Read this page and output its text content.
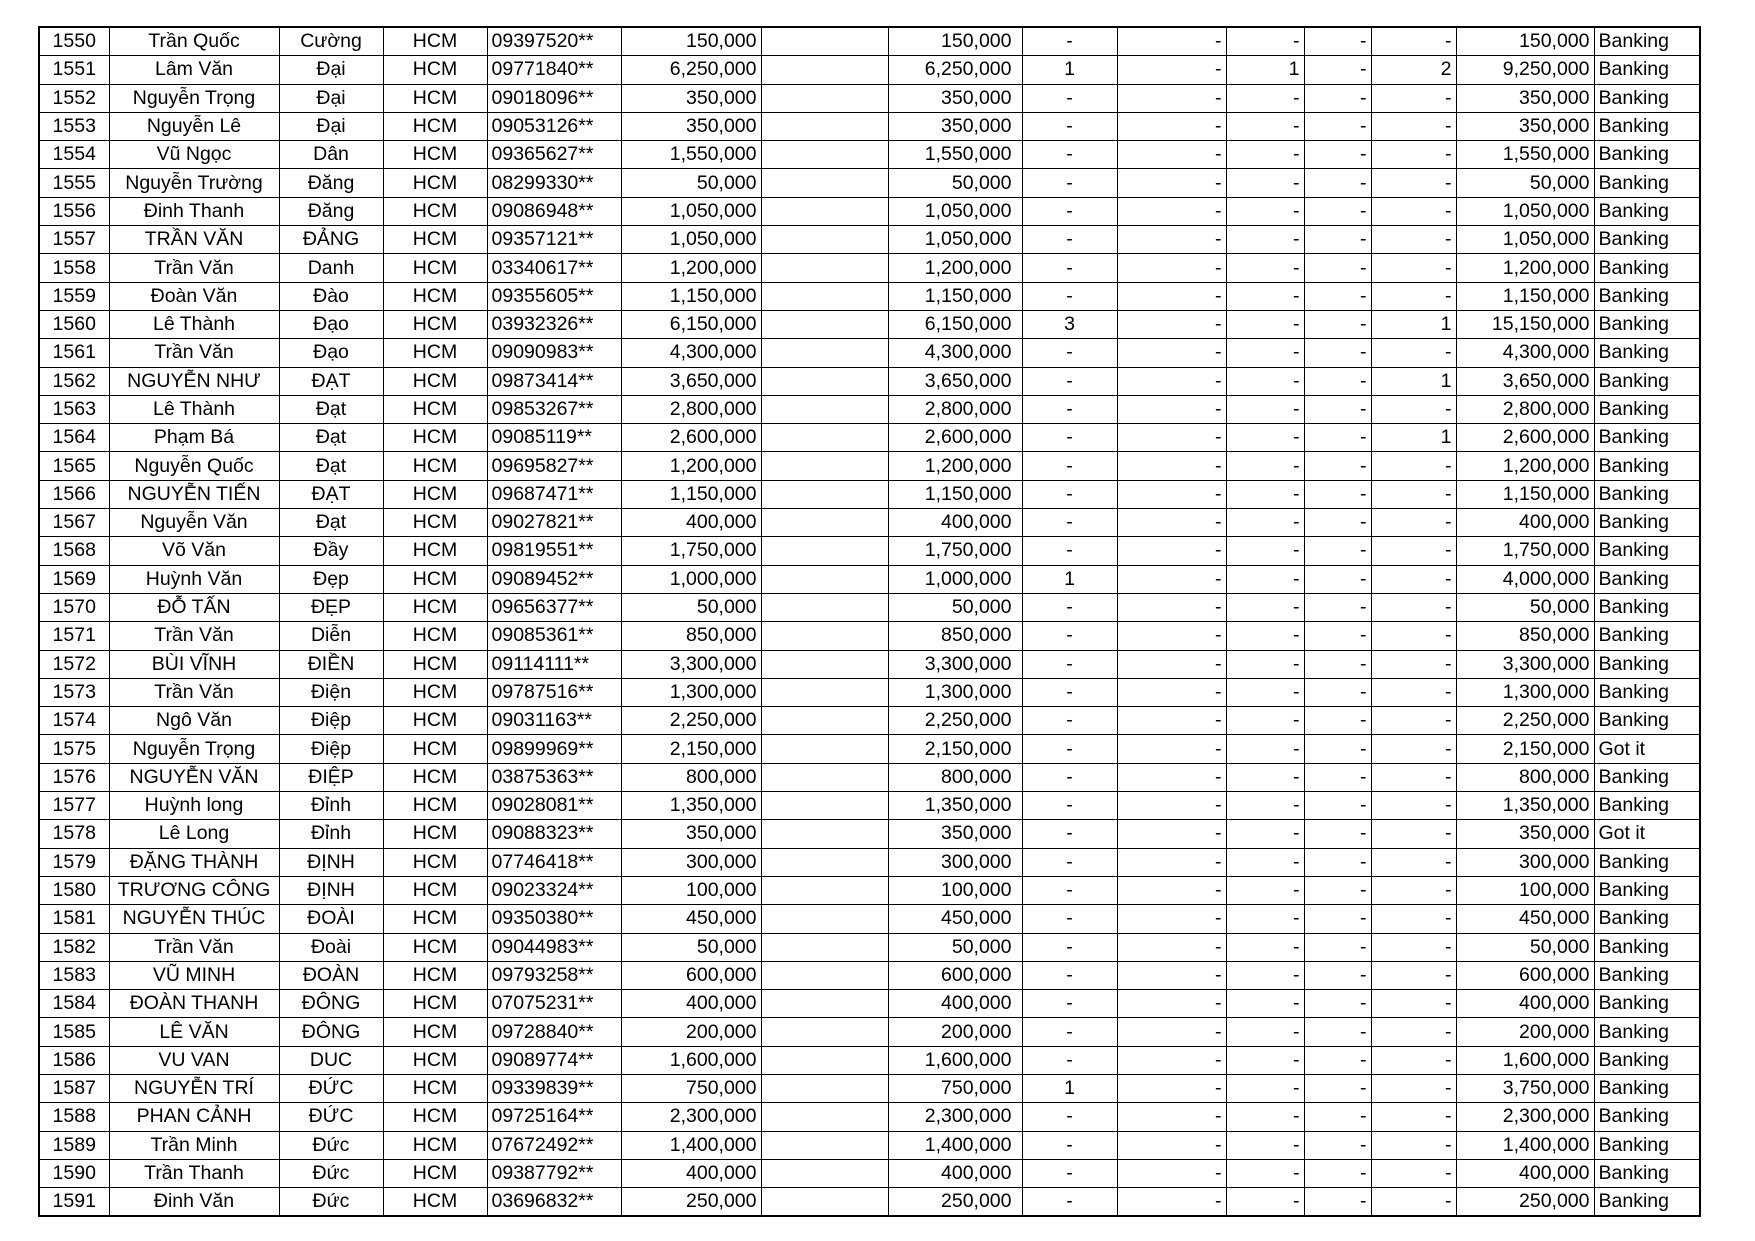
1550	Trần Quốc	Cường	HCM	09397520**	150,000		150,000	-	-	-	-	-	150,000	Banking
1551	Lâm Văn	Đại	HCM	09771840**	6,250,000		6,250,000	1	-	1	-	2	9,250,000	Banking
1552	Nguyễn Trọng	Đại	HCM	09018096**	350,000		350,000	-	-	-	-	-	350,000	Banking
1553	Nguyễn Lê	Đại	HCM	09053126**	350,000		350,000	-	-	-	-	-	350,000	Banking
1554	Vũ Ngọc	Dân	HCM	09365627**	1,550,000		1,550,000	-	-	-	-	-	1,550,000	Banking
1555	Nguyễn Trường	Đăng	HCM	08299330**	50,000		50,000	-	-	-	-	-	50,000	Banking
1556	Đinh Thanh	Đăng	HCM	09086948**	1,050,000		1,050,000	-	-	-	-	-	1,050,000	Banking
1557	TRẦN VĂN	ĐẢNG	HCM	09357121**	1,050,000		1,050,000	-	-	-	-	-	1,050,000	Banking
1558	Trần Văn	Danh	HCM	03340617**	1,200,000		1,200,000	-	-	-	-	-	1,200,000	Banking
1559	Đoàn Văn	Đào	HCM	09355605**	1,150,000		1,150,000	-	-	-	-	-	1,150,000	Banking
1560	Lê Thành	Đạo	HCM	03932326**	6,150,000		6,150,000	3	-	-	-	1	15,150,000	Banking
1561	Trần Văn	Đạo	HCM	09090983**	4,300,000		4,300,000	-	-	-	-	-	4,300,000	Banking
1562	NGUYỄN NHƯ	ĐẠT	HCM	09873414**	3,650,000		3,650,000	-	-	-	-	1	3,650,000	Banking
1563	Lê Thành	Đạt	HCM	09853267**	2,800,000		2,800,000	-	-	-	-	-	2,800,000	Banking
1564	Phạm Bá	Đạt	HCM	09085119**	2,600,000		2,600,000	-	-	-	-	1	2,600,000	Banking
1565	Nguyễn Quốc	Đạt	HCM	09695827**	1,200,000		1,200,000	-	-	-	-	-	1,200,000	Banking
1566	NGUYỄN TIẾN	ĐẠT	HCM	09687471**	1,150,000		1,150,000	-	-	-	-	-	1,150,000	Banking
1567	Nguyễn Văn	Đạt	HCM	09027821**	400,000		400,000	-	-	-	-	-	400,000	Banking
1568	Võ Văn	Đầy	HCM	09819551**	1,750,000		1,750,000	-	-	-	-	-	1,750,000	Banking
1569	Huỳnh Văn	Đẹp	HCM	09089452**	1,000,000		1,000,000	1	-	-	-	-	4,000,000	Banking
1570	ĐỖ TẤN	ĐẸP	HCM	09656377**	50,000		50,000	-	-	-	-	-	50,000	Banking
1571	Trần Văn	Diễn	HCM	09085361**	850,000		850,000	-	-	-	-	-	850,000	Banking
1572	BÙI VĨNH	ĐIỀN	HCM	09114111**	3,300,000		3,300,000	-	-	-	-	-	3,300,000	Banking
1573	Trần Văn	Điện	HCM	09787516**	1,300,000		1,300,000	-	-	-	-	-	1,300,000	Banking
1574	Ngô Văn	Điệp	HCM	09031163**	2,250,000		2,250,000	-	-	-	-	-	2,250,000	Banking
1575	Nguyễn Trọng	Điệp	HCM	09899969**	2,150,000		2,150,000	-	-	-	-	-	2,150,000	Got it
1576	NGUYỄN VĂN	ĐIỆP	HCM	03875363**	800,000		800,000	-	-	-	-	-	800,000	Banking
1577	Huỳnh long	Đỉnh	HCM	09028081**	1,350,000		1,350,000	-	-	-	-	-	1,350,000	Banking
1578	Lê Long	Đỉnh	HCM	09088323**	350,000		350,000	-	-	-	-	-	350,000	Got it
1579	ĐẶNG THÀNH	ĐỊNH	HCM	07746418**	300,000		300,000	-	-	-	-	-	300,000	Banking
1580	TRƯƠNG CÔNG	ĐỊNH	HCM	09023324**	100,000		100,000	-	-	-	-	-	100,000	Banking
1581	NGUYỄN THÚC	ĐOÀI	HCM	09350380**	450,000		450,000	-	-	-	-	-	450,000	Banking
1582	Trần Văn	Đoài	HCM	09044983**	50,000		50,000	-	-	-	-	-	50,000	Banking
1583	VŨ MINH	ĐOÀN	HCM	09793258**	600,000		600,000	-	-	-	-	-	600,000	Banking
1584	ĐOÀN THANH	ĐÔNG	HCM	07075231**	400,000		400,000	-	-	-	-	-	400,000	Banking
1585	LÊ VĂN	ĐÔNG	HCM	09728840**	200,000		200,000	-	-	-	-	-	200,000	Banking
1586	VU VAN	DUC	HCM	09089774**	1,600,000		1,600,000	-	-	-	-	-	1,600,000	Banking
1587	NGUYỄN TRÍ	ĐỨC	HCM	09339839**	750,000		750,000	1	-	-	-	-	3,750,000	Banking
1588	PHAN CẢNH	ĐỨC	HCM	09725164**	2,300,000		2,300,000	-	-	-	-	-	2,300,000	Banking
1589	Trần Minh	Đức	HCM	07672492**	1,400,000		1,400,000	-	-	-	-	-	1,400,000	Banking
1590	Trần Thanh	Đức	HCM	09387792**	400,000		400,000	-	-	-	-	-	400,000	Banking
1591	Đinh Văn	Đức	HCM	03696832**	250,000		250,000	-	-	-	-	-	250,000	Banking
